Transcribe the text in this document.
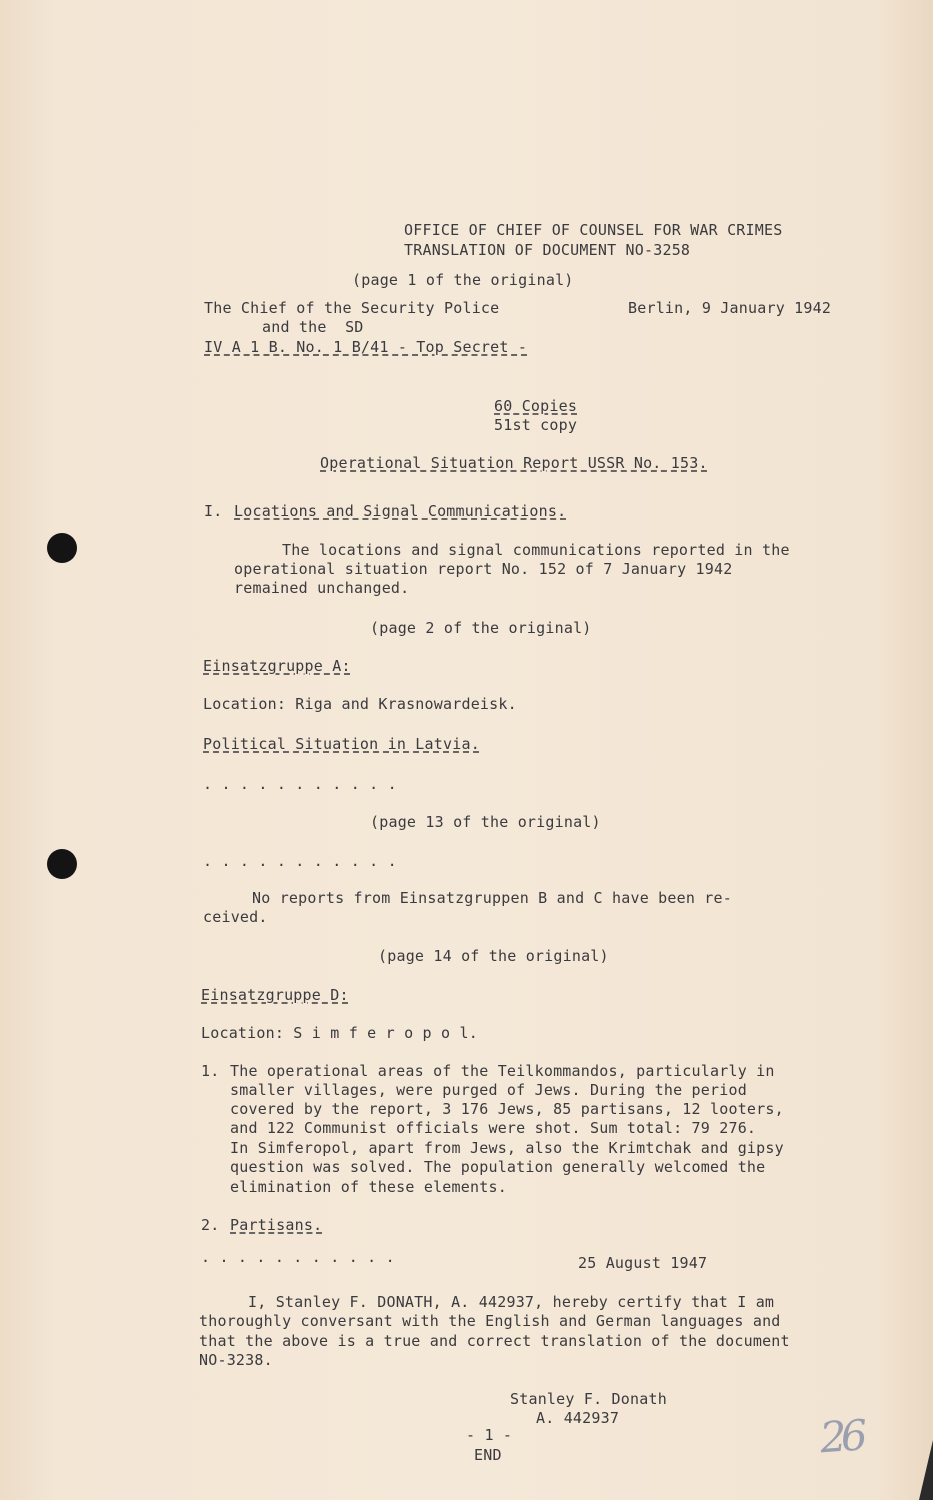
OFFICE OF CHIEF OF COUNSEL FOR WAR CRIMES
TRANSLATION OF DOCUMENT NO-3258
(page 1 of the original)
The Chief of the Security Police	Berlin, 9 January 1942
and the  SD
IV A 1 B. No. 1 B/41 - Top Secret -
60 Copies
51st copy
Operational Situation Report USSR No. 153.
I. Locations and Signal Communications.
The locations and signal communications reported in the
operational situation report No. 152 of 7 January 1942
remained unchanged.
(page 2 of the original)
Einsatzgruppe A:
Location: Riga and Krasnowardeisk.
Political Situation in Latvia.
. . . . . . . . . . .
(page 13 of the original)
. . . . . . . . . . .
No reports from Einsatzgruppen B and C have been re-
ceived.
(page 14 of the original)
Einsatzgruppe D:
Location: S i m f e r o p o l.
1. The operational areas of the Teilkommandos, particularly in
smaller villages, were purged of Jews. During the period
covered by the report, 3 176 Jews, 85 partisans, 12 looters,
and 122 Communist officials were shot. Sum total: 79 276.
In Simferopol, apart from Jews, also the Krimtchak and gipsy
question was solved. The population generally welcomed the
elimination of these elements.
2. Partisans.
. . . . . . . . . . .	25 August 1947
I, Stanley F. DONATH, A. 442937, hereby certify that I am
thoroughly conversant with the English and German languages and
that the above is a true and correct translation of the document
NO-3238.
Stanley F. Donath
A. 442937
- 1 -
END	26
